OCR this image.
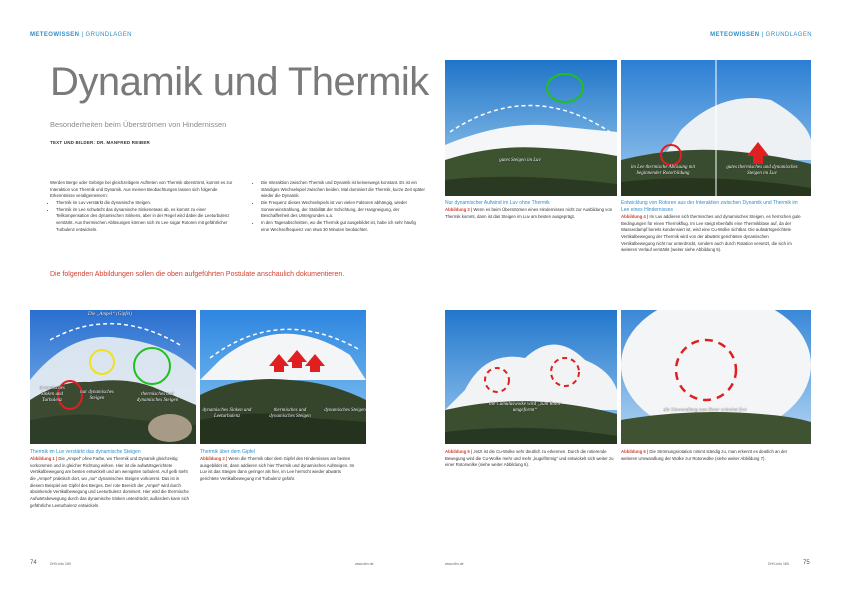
METEOWISSEN | GRUNDLAGEN	METEOWISSEN | GRUNDLAGEN
Dynamik und Thermik
Besonderheiten beim Überströmen von Hindernissen
TEXT UND BILDER: DR. MANFRED REIBER
Werden Berge oder Gebirge bei gleichzeitigem Auftreten von Thermik überströmt, kommt es zur Interaktion von Thermik und Dynamik. Aus meinen Beobachtungen lassen sich folgende Erkenntnisse verallgemeinern:
• Thermik im Luv verstärkt die dynamische Steigen.
• Thermik im Lee schwächt das dynamische Sinkenetwas ab, es kommt zu einer Teilkompensation des dynamischen Sinkens, aber in der Regel wird dabei die Leeturbulenz verstärkt. Aus thermischen Ablösungen können sich im Lee sogar Rotoren mit gefährlicher Turbulenz entwickeln.
• Die Interaktion zwischen Thermik und Dynamik ist keineswegs konstant. Es ist ein ständiges Wechselspiel zwischen beiden. Mal dominiert die Thermik, kurze Zeit später wieder die Dynamik.
• Die Frequenz dieses Wechselspiels ist von vielen Faktoren abhängig, wieder Sonneneinstrahlung, der Stabilität der Schichtung, der Hangneigung, der Beschaffenheit des Untergrundes u.a.
• In den Tagesabschnitten, wo die Thermik gut ausgebildet ist, habe ich sehr häufig eine Wechselfrequenz von etwa 30 Minuten beobachtet.
Die folgenden Abbildungen sollen die oben aufgeführten Postulate anschaulich dokumentieren.
Die „Ampel“ (Gipfel)
dynamisches Sinken und Turbulenz
nur dynamisches Steigen
thermisches und dynamisches Steigen
dynamisches Sinken und Leeturbulenz
thermisches und dynamisches Steigen
dynamisches Steigen
Thermik im Luv verstärkt das dynamische Steigen
Abbildung 1 | Die „Ampel“ ohne Farbe, wo Thermik und Dynamik gleichzeitig vorkommen und in gleicher Richtung wirken. Hier ist die aufwärtsgerichtete Vertikalbewegung am besten entwickelt und am wenigsten turbulent. Auf gelb steht die „Ampel“ praktisch dort, wo „nur“ dynamisches Steigen vorkommt. Das ist in diesem Beispiel am Gipfel des Berges. Der rote Bereich der „Ampel“ wird durch absinkende Vertikalbewegung und Leeturbulenz dominiert. Hier wird die thermische Aufwärtsbewegung durch das dynamische Sinken unterdrückt, außerdem kann sich gefährliche Leeturbulenz entwickeln.
Thermik über dem Gipfel
Abbildung 2 | Wenn die Thermik über dem Gipfel des Hindernisses am besten ausgebildet ist, dann addieren sich hier Thermik und dynamisches Aufsteigen. Im Luv ist das Steigen dann geringer als hier, im Lee herrscht wieder abwärts gerichtete Vertikalbewegung mit Turbulenz gefahr.
gutes Steigen im Luv
im Lee thermische Ablösung mit beginnender Rotorbildung
gutes thermisches und dynamisches Steigen im Luv
Nur dynamischer Aufwind im Luv ohne Thermik
Abbildung 3 | Wenn es beim Überströmen eines Hindernisses nicht zur Ausbildung von Thermik kommt, dann ist das Steigen im Luv am besten ausgeprägt.
Entwicklung von Rotoren aus der Interaktion zwischen Dynamik und Thermik im Lee eines Hindernisses
Abbildung 4 | Im Luv addieren sich thermisches und dynamisches Steigen, es herrschen gute Bedingungen für einen Thermikflug. Im Lee steigt ebenfalls eine Thermikblase auf, da der Wasserdampf bereits kondensiert ist, wird eine Cu-Wolke sichtbar. Die aufwärtsgerichtete Vertikalbewegung der Thermik wird von der abwärts gerichteten dynamischen Vertikalbewegung nicht nur unterdrückt, sondern auch durch Rotation versetzt, die sich im weiteren Verlauf verstärkt (weiter siehe Abbildung 5).
die Cumuluswolke wird „zum Rotor umgeformt“	die Umwandlung zum Rotor schreitet fort
Abbildung 5 | Jetzt ist die Cu-Wolke sehr deutlich zu erkennen. Durch die rotierende Bewegung wird die Cu-Wolke mehr und mehr „kugelförmig“ und entwickelt sich weiter zu einer Rotorwolke (siehe weiter Abbildung 6).
Abbildung 6 | Die Strömungsrotation nimmt ständig zu, man erkennt es deutlich an der weiteren Umwandlung der Wolke zur Rotorwolke (siehe weiter Abbildung 7).
74	DHV-info 189	www.dhv.de	www.dhv.de	DHV-info 189 75
